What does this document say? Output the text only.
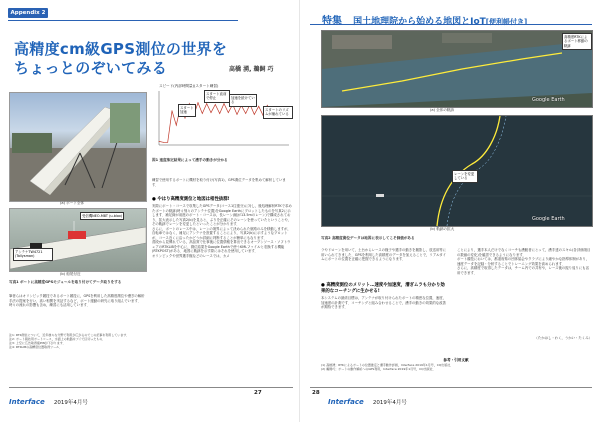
Appendix 2
高精度cm級GPS測位の世界を
ちょっとのぞいてみる	高橋 湧, 鵜飼 巧
(a) ボート全体
受信機NEO-M8T (u-blox)
アンテナTW4721 (Tallysman)
(b) 船尾付近
写真1 ボートに高精度GPSモジュールを取り付けてデータ取りをする
スピード(内部時間量)(スタート練習)
スタート直前で停止
スタート加速
加速を続けている
スタートのリズムが崩れている
図1 速度推定結果によって漕手の動きが分かる
練習で使用するボートに機材を取り付け(写真1)，GPS測位データを集めて解析しています．
● やはり高精度測位と地図は相性抜群!
実際にボート・コースで収集したGPSデータ(コース1往復分)に対し，後処理解析RTKで求めたボートの軌跡(時々刻々のアンテナ位置)をGoogle Earthにプロットしたものを写真2に示します．補足線が前進のボート・コースは，長レーン(幅が13.5mのレーン)で構成されており，拡大表示した写真2(b)を見ると，ぶりを正確にそのレーンを使っていたということや，その軌跡でレーンを変更したといったことが分かります．
さらに，ボートのレース中は，レーンの境界によって決められた航路のみを移動しますが，自転車ではなく，補足にアンテナを設置することにより，写真2(b)に示すようなプロットが，コース近くに沿ったかどうか詳細に判断することが簡単にもなります．
普段から見慣れている，高品質で仕事後に位置情報を算出できるオープンソース・ソフトウェアのRTKLIBを中心に，測位結果をGoogle Earthで使うKMLファイルと変換する機能(RTKPOST)がある．地図に軌跡を示す際にはそれを使用しています．
オリンピックや世界選手権などのレースでは，カメ
筆者らはオリンピック競技であるボート競技に，GPSを利用した高精度測位や漕ぎの解析手法の提案を行い，高い相関を実証するなど，ボート運動の研究に取り組んでいます．時々の流れの影響も含め，練習にも活用しています．
注1: RTK測位について，近年様々な分野で利用が広がるのでこの記事を利用しています．
注2: ボート競技用ボートコース，水面上の航路をブイで区切ったもの．
注3: 上空に広告取得後PINが下がります．
注4: RTKLIBの高精度位置取得ツール．
Interface 2019年4月号
27
特集 国土地理院から始める地図とIoT[便利帳付き]
Google Earth
高精度RTKによるボート移動の軌跡
(a) 全体の軌跡
Google Earth
レーンを変更している
(b) 軌跡の拡大
写真2 高精度測位データは地図に表示してこそ価値がある
ラやドローンを用いて，土台からレースの様子や選手の動きを撮影し，放送用等に用いられてきました．GPSを利用した高精度のデータを加えることで，リアルタイムにボートの位置を正確に把握できるようになります．
● 高精度測位のメリット…速度や加速度，漕ぎムラも分かり効果的なコーチングに生かせる!
本システムの最終目標は，アンテナが取り付けられたボートの精密な位置，速度，加速度の計測です．コーチングと組み合わせることで，漕手の動きの効果的な改善が期待できます．
ことにより，選手本人だけでなくコーチも漕艇者にとって，漕手達のスキル(各評価項目の数値の変化)を確認できるようになります．
ボート競技においては，都道府県の団体協会やクラブにより細やかな指導体制があり，速度データを記録・分析することでトレーニング効果を高められます．
さらに，高精度で取得したデータは，チーム内での共有や，レース後の振り返りにも活用できます．
（たかはし・わく，うかい・たくみ）
参考・引用文献
(1) 高橋湧；RTKによるボートの位置推定と漕手動作評価，Interface 2019年1月号，CQ出版社．
(2) 鵜飼巧；ボートの動作解析へのGPS利用，Interface 2019年1月号，CQ出版社．
28
Interface 2019年4月号
